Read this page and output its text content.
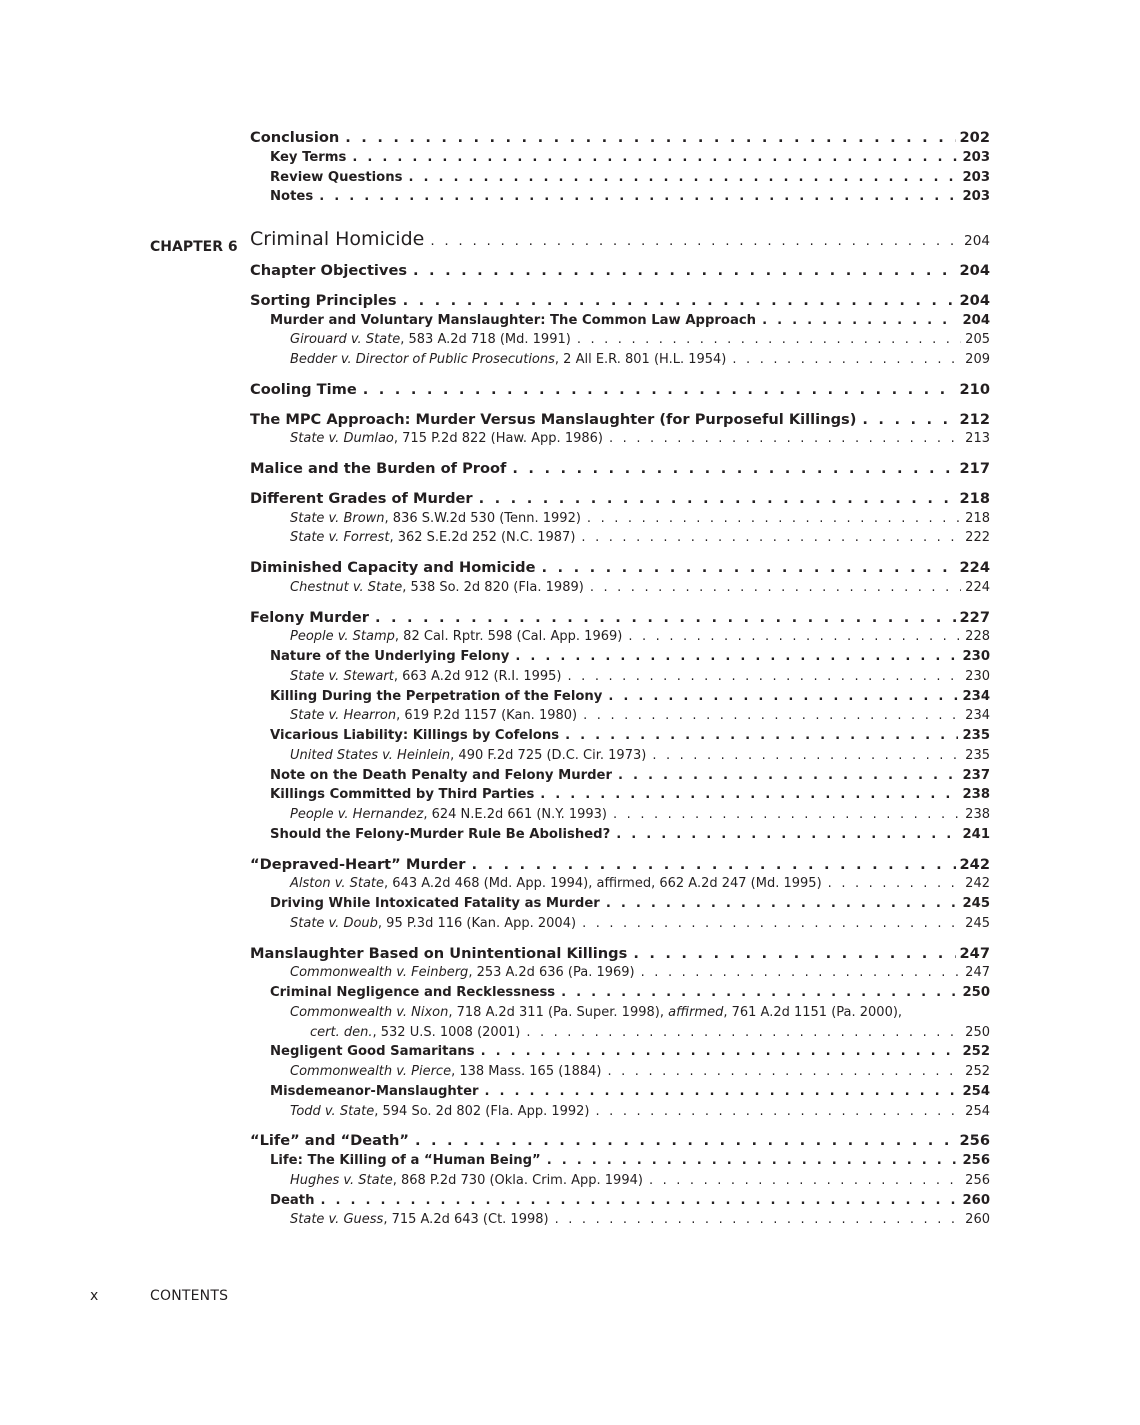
CHAPTER 6
Conclusion . . .	202
Key Terms . . .	203
Review Questions . . .	203
Notes . . .	203
Criminal Homicide . . .	204
Chapter Objectives . . .	204
Sorting Principles . . .	204
Murder and Voluntary Manslaughter: The Common Law Approach . . .	204
Girouard v. State, 583 A.2d 718 (Md. 1991) . . .	205
Bedder v. Director of Public Prosecutions, 2 All E.R. 801 (H.L. 1954) . . .	209
Cooling Time . . .	210
The MPC Approach: Murder Versus Manslaughter (for Purposeful Killings) . . .	212
State v. Dumlao, 715 P.2d 822 (Haw. App. 1986) . . .	213
Malice and the Burden of Proof . . .	217
Different Grades of Murder . . .	218
State v. Brown, 836 S.W.2d 530 (Tenn. 1992) . . .	218
State v. Forrest, 362 S.E.2d 252 (N.C. 1987) . . .	222
Diminished Capacity and Homicide . . .	224
Chestnut v. State, 538 So. 2d 820 (Fla. 1989) . . .	224
Felony Murder . . .	227
People v. Stamp, 82 Cal. Rptr. 598 (Cal. App. 1969) . . .	228
Nature of the Underlying Felony . . .	230
State v. Stewart, 663 A.2d 912 (R.I. 1995) . . .	230
Killing During the Perpetration of the Felony . . .	234
State v. Hearron, 619 P.2d 1157 (Kan. 1980) . . .	234
Vicarious Liability: Killings by Cofelons . . .	235
United States v. Heinlein, 490 F.2d 725 (D.C. Cir. 1973) . . .	235
Note on the Death Penalty and Felony Murder . . .	237
Killings Committed by Third Parties . . .	238
People v. Hernandez, 624 N.E.2d 661 (N.Y. 1993) . . .	238
Should the Felony-Murder Rule Be Abolished? . . .	241
“Depraved-Heart” Murder . . .	242
Alston v. State, 643 A.2d 468 (Md. App. 1994), affirmed, 662 A.2d 247 (Md. 1995) . . .	242
Driving While Intoxicated Fatality as Murder . . .	245
State v. Doub, 95 P.3d 116 (Kan. App. 2004) . . .	245
Manslaughter Based on Unintentional Killings . . .	247
Commonwealth v. Feinberg, 253 A.2d 636 (Pa. 1969) . . .	247
Criminal Negligence and Recklessness . . .	250
Commonwealth v. Nixon, 718 A.2d 311 (Pa. Super. 1998), affirmed, 761 A.2d 1151 (Pa. 2000),
cert. den., 532 U.S. 1008 (2001) . . .	250
Negligent Good Samaritans . . .	252
Commonwealth v. Pierce, 138 Mass. 165 (1884) . . .	252
Misdemeanor-Manslaughter . . .	254
Todd v. State, 594 So. 2d 802 (Fla. App. 1992) . . .	254
“Life” and “Death” . . .	256
Life: The Killing of a “Human Being” . . .	256
Hughes v. State, 868 P.2d 730 (Okla. Crim. App. 1994) . . .	256
Death . . .	260
State v. Guess, 715 A.2d 643 (Ct. 1998) . . .	260
x	CONTENTS
